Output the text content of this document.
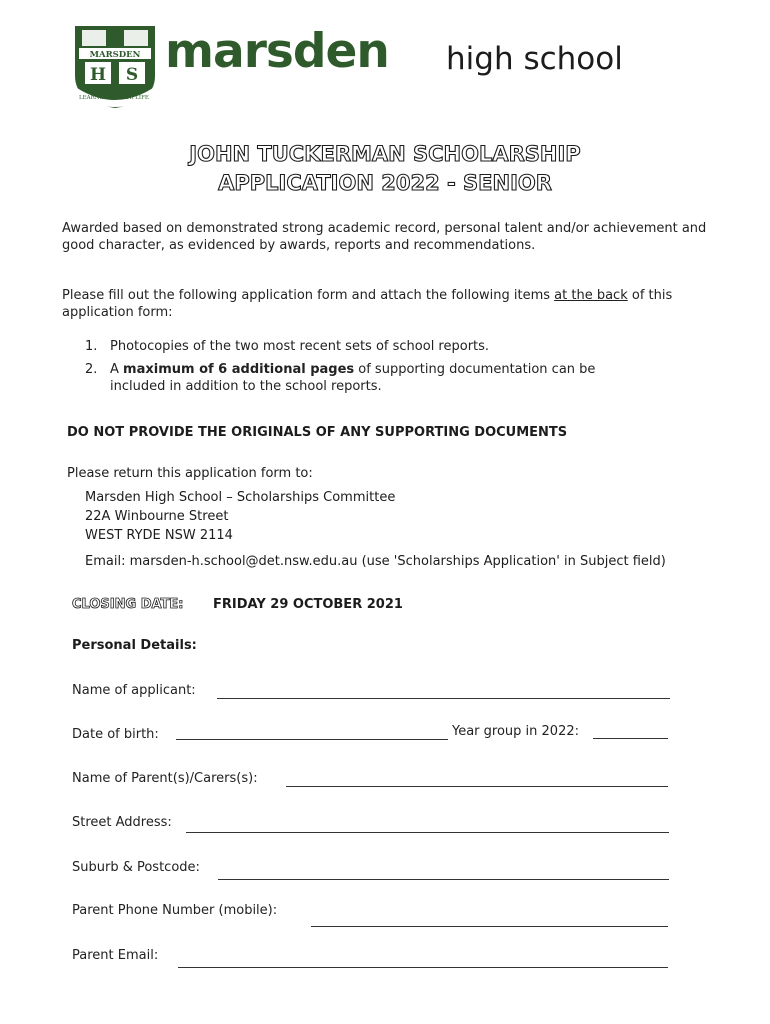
MARSDEN
H S
LEARNING FOR LIFE
marsden high school
JOHN TUCKERMAN SCHOLARSHIP
APPLICATION 2022 - SENIOR
Awarded based on demonstrated strong academic record, personal talent and/or achievement and good character, as evidenced by awards, reports and recommendations.
Please fill out the following application form and attach the following items at the back of this application form:
1. Photocopies of the two most recent sets of school reports.
2. A maximum of 6 additional pages of supporting documentation can be included in addition to the school reports.
DO NOT PROVIDE THE ORIGINALS OF ANY SUPPORTING DOCUMENTS
Please return this application form to:
Marsden High School – Scholarships Committee
22A Winbourne Street
WEST RYDE NSW 2114
Email: marsden-h.school@det.nsw.edu.au (use 'Scholarships Application' in Subject field)
CLOSING DATE: FRIDAY 29 OCTOBER 2021
Personal Details:
Name of applicant:
Date of birth:	Year group in 2022:
Name of Parent(s)/Carers(s):
Street Address:
Suburb & Postcode:
Parent Phone Number (mobile):
Parent Email:
